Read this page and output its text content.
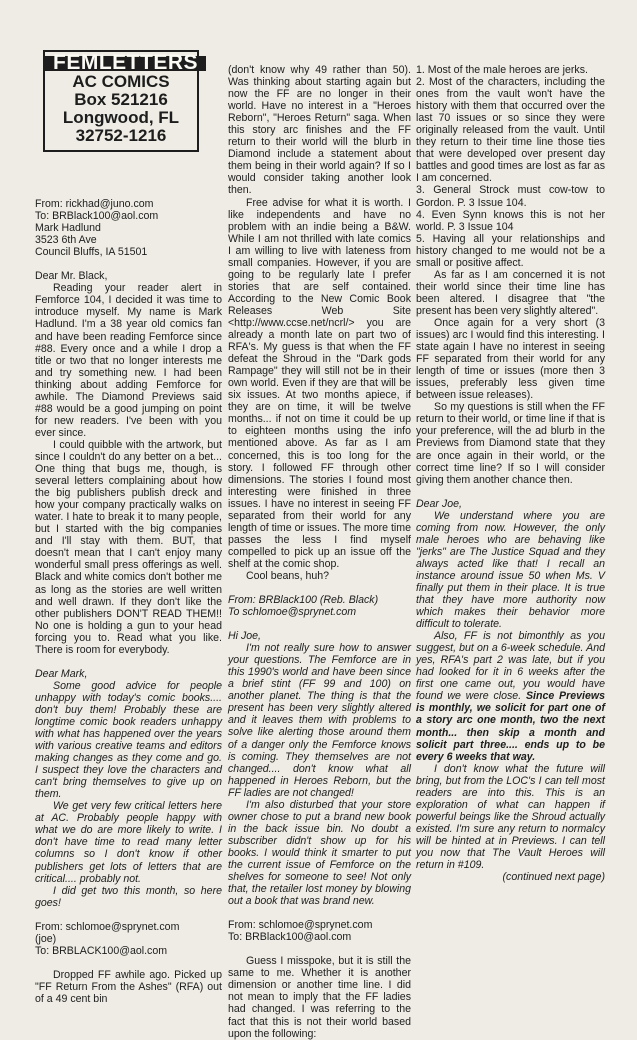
FEMLETTERS
AC COMICS
Box 521216
Longwood, FL
32752-1216

From: rickhad@juno.com

To: BRBlack100@aol.com

Mark Hadlund

3523 6th Ave

Council Bluffs, IA 51501

Dear Mr. Black,

Reading your reader alert in Femforce 104, I decided it was time to introduce myself. My name is Mark Hadlund. I'm a 38 year old comics fan and have been reading Femforce since #88. Every once and a while I drop a title or two that no longer interests me and try something new. I had been thinking about adding Femforce for awhile. The Diamond Previews said #88 would be a good jumping on point for new readers. I've been with you ever since.

I could quibble with the artwork, but since I couldn't do any better on a bet... One thing that bugs me, though, is several letters complaining about how the big publishers publish dreck and how your company practically walks on water. I hate to break it to many people, but I started with the big companies and I'll stay with them. BUT, that doesn't mean that I can't enjoy many wonderful small press offerings as well. Black and white comics don't bother me as long as the stories are well written and well drawn. If they don't like the other publishers DON'T READ THEM!! No one is holding a gun to your head forcing you to. Read what you like. There is room for everybody.

Dear Mark,

Some good advice for people unhappy with today's comic books.... don't buy them! Probably these are longtime comic book readers unhappy with what has happened over the years with various creative teams and editors making changes as they come and go. I suspect they love the characters and can't bring themselves to give up on them.

We get very few critical letters here at AC. Probably people happy with what we do are more likely to write. I don't have time to read many letter columns so I don't know if other publishers get lots of letters that are critical.... probably not.

I did get two this month, so here goes!

From: schlomoe@sprynet.com

(joe)

To: BRBLACK100@aol.com

Dropped FF awhile ago. Picked up "FF Return From the Ashes" (RFA) out of a 49 cent bin

(don't know why 49 rather than 50). Was thinking about starting again but now the FF are no longer in their world. Have no interest in a "Heroes Reborn", "Heroes Return" saga. When this story arc finishes and the FF return to their world will the blurb in Diamond include a statement about them being in their world again? If so I would consider taking another look then.

Free advise for what it is worth. I like independents and have no problem with an indie being a B&W. While I am not thrilled with late comics I am willing to live with lateness from small companies. However, if you are going to be regularly late I prefer stories that are self contained. According to the New Comic Book Releases Web Site <http://www.ccse.net/ncrl/> you are already a month late on part two of RFA's. My guess is that when the FF defeat the Shroud in the "Dark gods Rampage" they will still not be in their own world. Even if they are that will be six issues. At two months apiece, if they are on time, it will be twelve months... if not on time it could be up to eighteen months using the info mentioned above. As far as I am concerned, this is too long for the story. I followed FF through other dimensions. The stories I found most interesting were finished in three issues. I have no interest in seeing FF separated from their world for any length of time or issues. The more time passes the less I find myself compelled to pick up an issue off the shelf at the comic shop.

Cool beans, huh?

From: BRBlack100 (Reb. Black)

To schlomoe@sprynet.com

Hi Joe,

I'm not really sure how to answer your questions. The Femforce are in this 1990's world and have been since a brief stint (FF 99 and 100) on another planet. The thing is that the present has been very slightly altered and it leaves them with problems to solve like alerting those around them of a danger only the Femforce knows is coming. They themselves are not changed.... don't know what all happened in Heroes Reborn, but the FF ladies are not changed!

I'm also disturbed that your store owner chose to put a brand new book in the back issue bin. No doubt a subscriber didn't show up for his books. I would think it smarter to put the current issue of Femforce on the shelves for someone to see! Not only that, the retailer lost money by blowing out a book that was brand new.

From: schlomoe@sprynet.com

To: BRBlack100@aol.com

Guess I misspoke, but it is still the same to me. Whether it is another dimension or another time line. I did not mean to imply that the FF ladies had changed. I was referring to the fact that this is not their world based upon the following:

1. Most of the male heroes are jerks.

2. Most of the characters, including the ones from the vault won't have the history with them that occurred over the last 70 issues or so since they were originally released from the vault. Until they return to their time line those ties that were developed over present day battles and good times are lost as far as I am concerned.

3. General Strock must cow-tow to Gordon. P. 3 Issue 104.

4. Even Synn knows this is not her world. P. 3 Issue 104

5. Having all your relationships and history changed to me would not be a small or positive affect.

As far as I am concerned it is not their world since their time line has been altered. I disagree that "the present has been very slightly altered".

Once again for a very short (3 issues) arc I would find this interesting. I state again I have no interest in seeing FF separated from their world for any length of time or issues (more then 3 issues, preferably less given time between issue releases).

So my questions is still when the FF return to their world, or time line if that is your preference, will the ad blurb in the Previews from Diamond state that they are once again in their world, or the correct time line? If so I will consider giving them another chance then.

Dear Joe,

We understand where you are coming from now. However, the only male heroes who are behaving like "jerks" are The Justice Squad and they always acted like that! I recall an instance around issue 50 when Ms. V finally put them in their place. It is true that they have more authority now which makes their behavior more difficult to tolerate.

Also, FF is not bimonthly as you suggest, but on a 6-week schedule. And yes, RFA's part 2 was late, but if you had looked for it in 6 weeks after the first one came out, you would have found we were close. Since Previews is monthly, we solicit for part one of a story arc one month, two the next month... then skip a month and solicit part three.... ends up to be every 6 weeks that way.

I don't know what the future will bring, but from the LOC's I can tell most readers are into this. This is an exploration of what can happen if powerful beings like the Shroud actually existed. I'm sure any return to normalcy will be hinted at in Previews. I can tell you now that The Vault Heroes will return in #109.

(continued next page)
